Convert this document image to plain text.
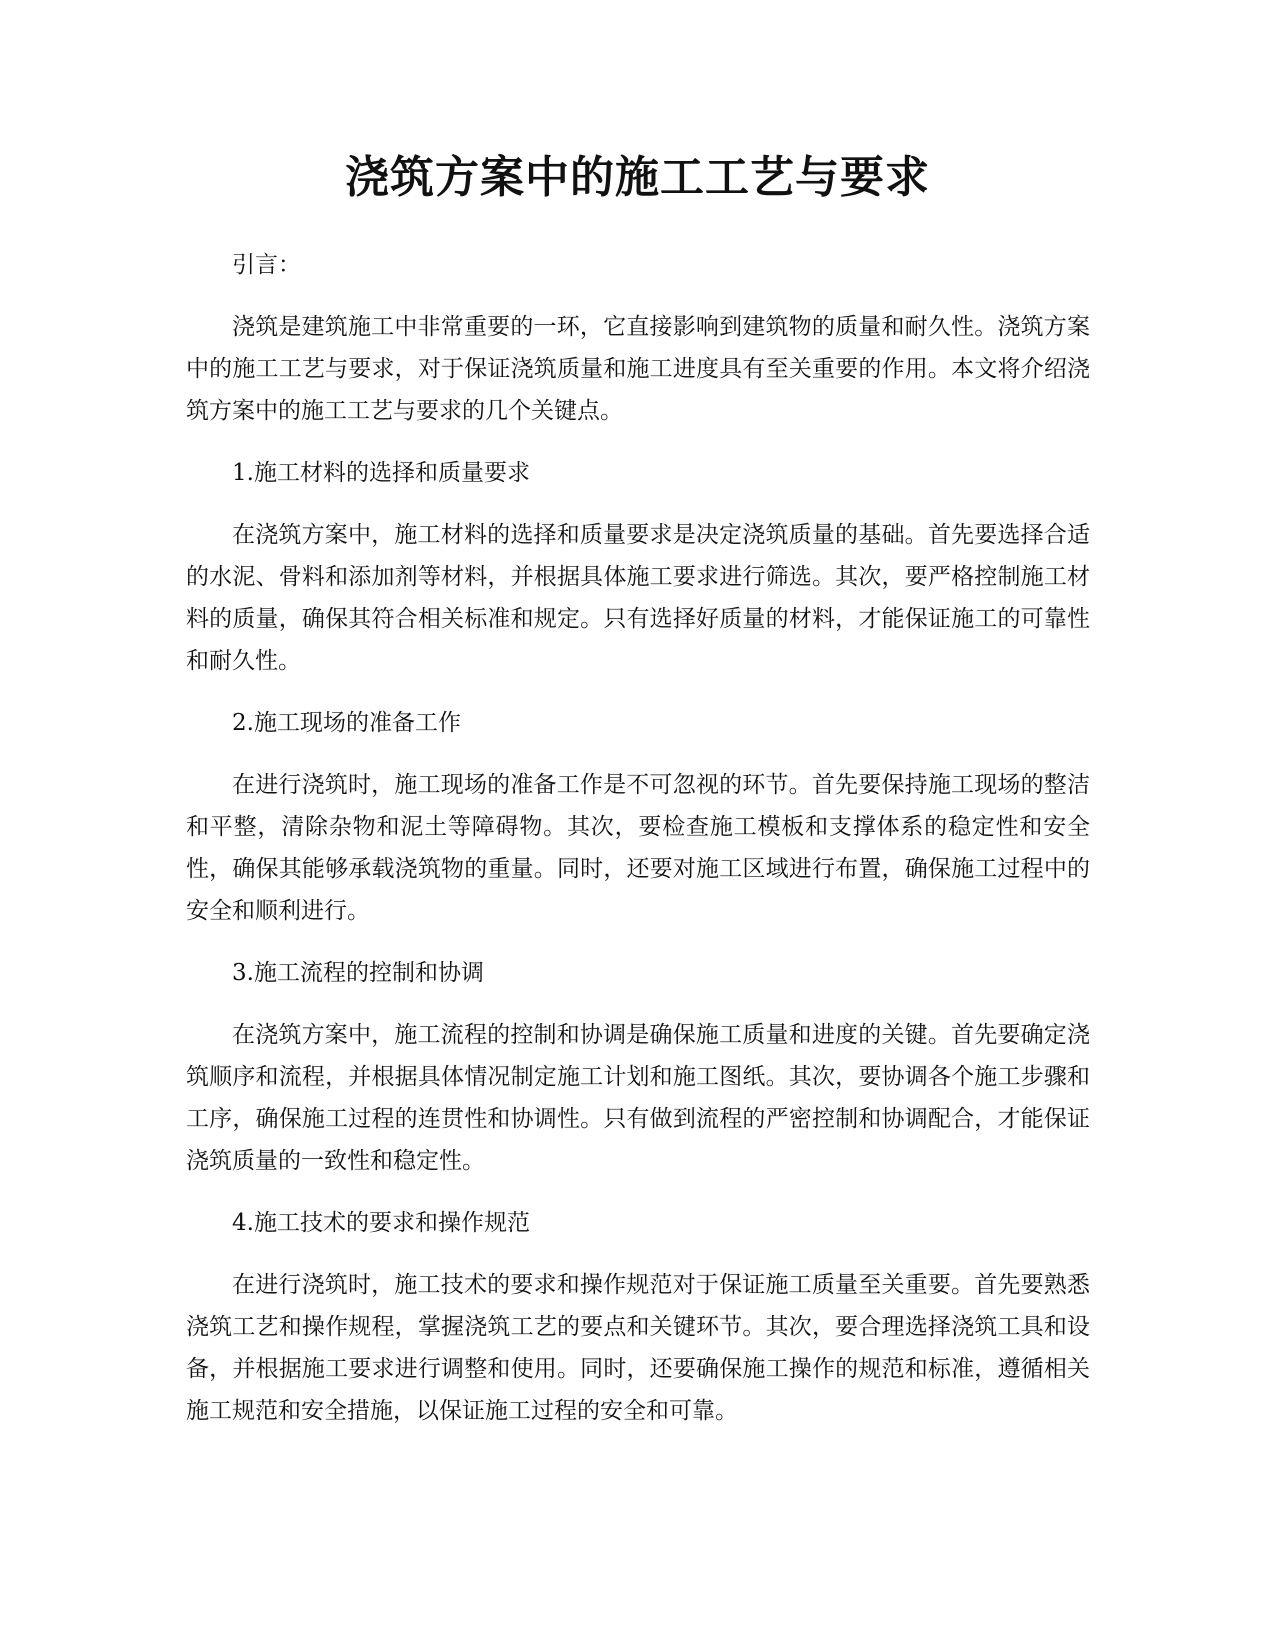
浇筑方案中的施工工艺与要求

引言：

浇筑是建筑施工中非常重要的一环，它直接影响到建筑物的质量和耐久性。浇筑方案中的施工工艺与要求，对于保证浇筑质量和施工进度具有至关重要的作用。本文将介绍浇筑方案中的施工工艺与要求的几个关键点。

1.施工材料的选择和质量要求

在浇筑方案中，施工材料的选择和质量要求是决定浇筑质量的基础。首先要选择合适的水泥、骨料和添加剂等材料，并根据具体施工要求进行筛选。其次，要严格控制施工材料的质量，确保其符合相关标准和规定。只有选择好质量的材料，才能保证施工的可靠性和耐久性。

2.施工现场的准备工作

在进行浇筑时，施工现场的准备工作是不可忽视的环节。首先要保持施工现场的整洁和平整，清除杂物和泥土等障碍物。其次，要检查施工模板和支撑体系的稳定性和安全性，确保其能够承载浇筑物的重量。同时，还要对施工区域进行布置，确保施工过程中的安全和顺利进行。

3.施工流程的控制和协调

在浇筑方案中，施工流程的控制和协调是确保施工质量和进度的关键。首先要确定浇筑顺序和流程，并根据具体情况制定施工计划和施工图纸。其次，要协调各个施工步骤和工序，确保施工过程的连贯性和协调性。只有做到流程的严密控制和协调配合，才能保证浇筑质量的一致性和稳定性。

4.施工技术的要求和操作规范

在进行浇筑时，施工技术的要求和操作规范对于保证施工质量至关重要。首先要熟悉浇筑工艺和操作规程，掌握浇筑工艺的要点和关键环节。其次，要合理选择浇筑工具和设备，并根据施工要求进行调整和使用。同时，还要确保施工操作的规范和标准，遵循相关施工规范和安全措施，以保证施工过程的安全和可靠。
